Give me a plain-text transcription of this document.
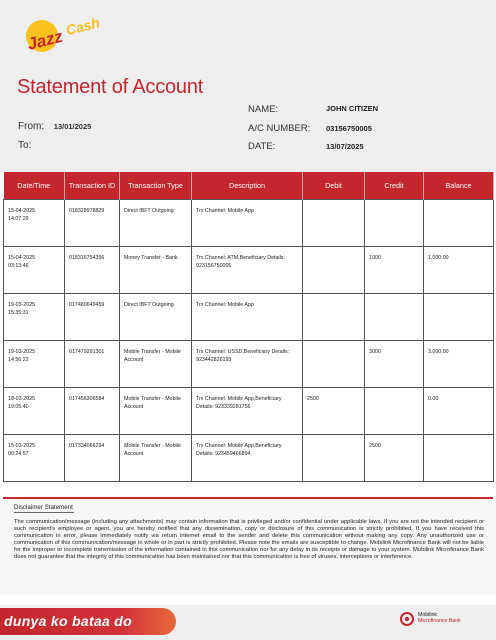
Jazz
Cash
Statement of Account
From: 13/01/2025
To:
NAME:	JOHN CITIZEN
A/C NUMBER: 03156750005
DATE:	13/07/2025
Date/Time	Transaction ID	Transaction Type	Description	Debit	Credit	Balance
15-04-2025
14:07:29	018328978829	Direct IBFT Outgoing	Trx Channel: Mobile App			
15-04-2025
03:13:46	018316754356	Money Transfer - Bank	Trx Channel: ATM,Beneficiary Details: 923156750005		1000	1,000.00
19-03-2025
15:35:31	017480649459	Direct IBFT Outgoing	Trx Channel: Mobile App			
19-03-2025
14:56:22	017479291301	Mobile Transfer - Mobile Account	Trx Channel: USSD,Beneficiary Details: 923442826193		3000	3,000.00
18-03-2025
19:05:40	017456306584	Mobile Transfer - Mobile Account	Trx Channel: Mobile App,Beneficiary Details: 923339281756	2500		0.00
15-03-2025
00:24:57	017334066294	Mobile Transfer - Mobile Account	Trx Channel: Mobile App,Beneficiary Details: 923459466894		2500	
Disclaimer Statement
The communication/message (including any attachments) may contain information that is privileged and/or confidential under applicable laws. If you are not the intended recipient or such recipient's employee or agent, you are hereby notified that any dissemination, copy or disclosure of this communication is strictly prohibited. If you have received this communication in error, please immediately notify via return internet email to the sender and delete this communication without making any copy. Any unauthorized use or communication of this communication/message in whole or in part is strictly prohibited. Please note the emails are susceptible to change. Mobilink Microfinance Bank will not be liable for the improper or incomplete transmission of the information contained in this communication nor for any delay in its receipts or damage to your system. Mobilink Microfinance Bank does not guarantee that the integrity of this communication has been maintained nor that this communication is free of viruses, interceptions or interference.
dunya ko bataa do	Mobilink
Microfinance Bank
